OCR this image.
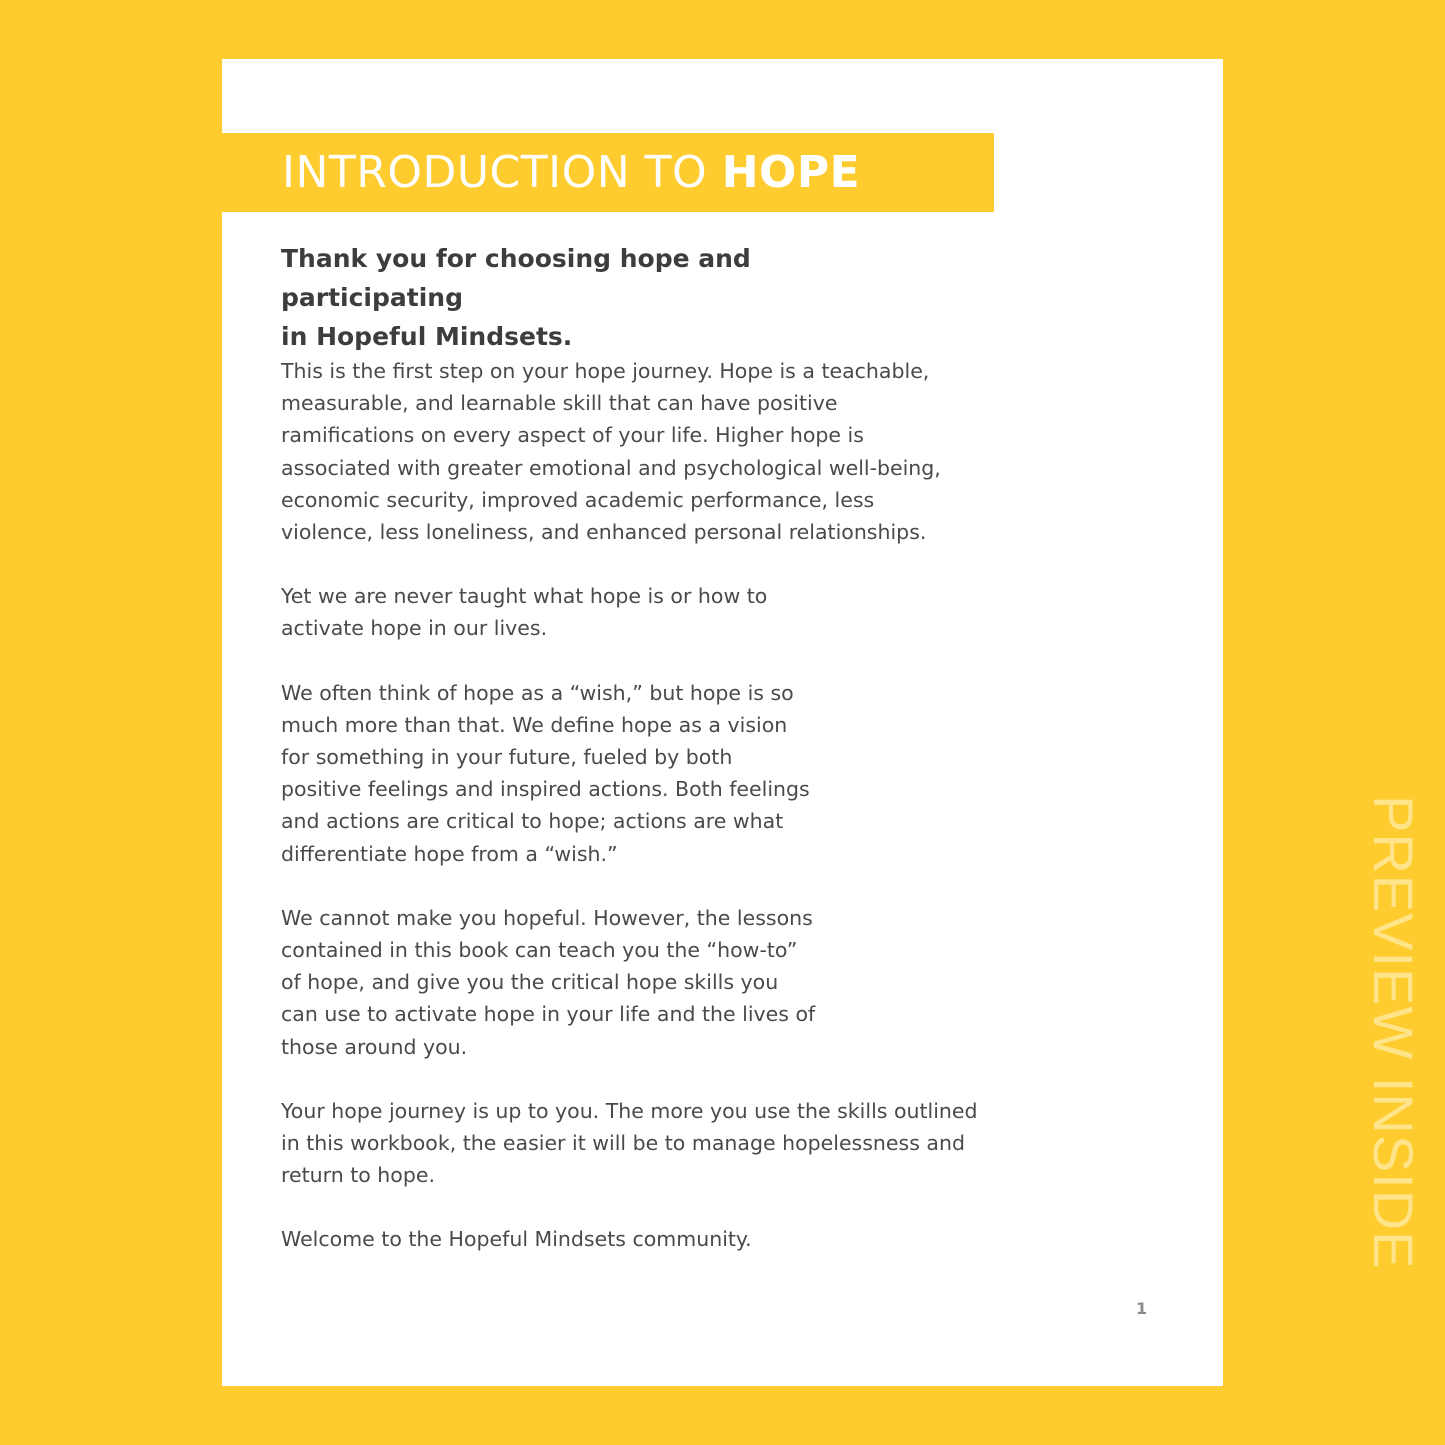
INTRODUCTION TO HOPE

Thank you for choosing hope and participating
in Hopeful Mindsets.

This is the first step on your hope journey. Hope is a teachable, measurable, and learnable skill that can have positive ramifications on every aspect of your life. Higher hope is associated with greater emotional and psychological well-being, economic security, improved academic performance, less violence, less loneliness, and enhanced personal relationships.

Yet we are never taught what hope is or how to activate hope in our lives.

We often think of hope as a “wish,” but hope is so much more than that. We define hope as a vision for something in your future, fueled by both positive feelings and inspired actions. Both feelings and actions are critical to hope; actions are what differentiate hope from a “wish.”

We cannot make you hopeful. However, the lessons contained in this book can teach you the “how-to” of hope, and give you the critical hope skills you can use to activate hope in your life and the lives of those around you.

Your hope journey is up to you. The more you use the skills outlined in this workbook, the easier it will be to manage hopelessness and return to hope.

Welcome to the Hopeful Mindsets community.

1
PREVIEW INSIDE
